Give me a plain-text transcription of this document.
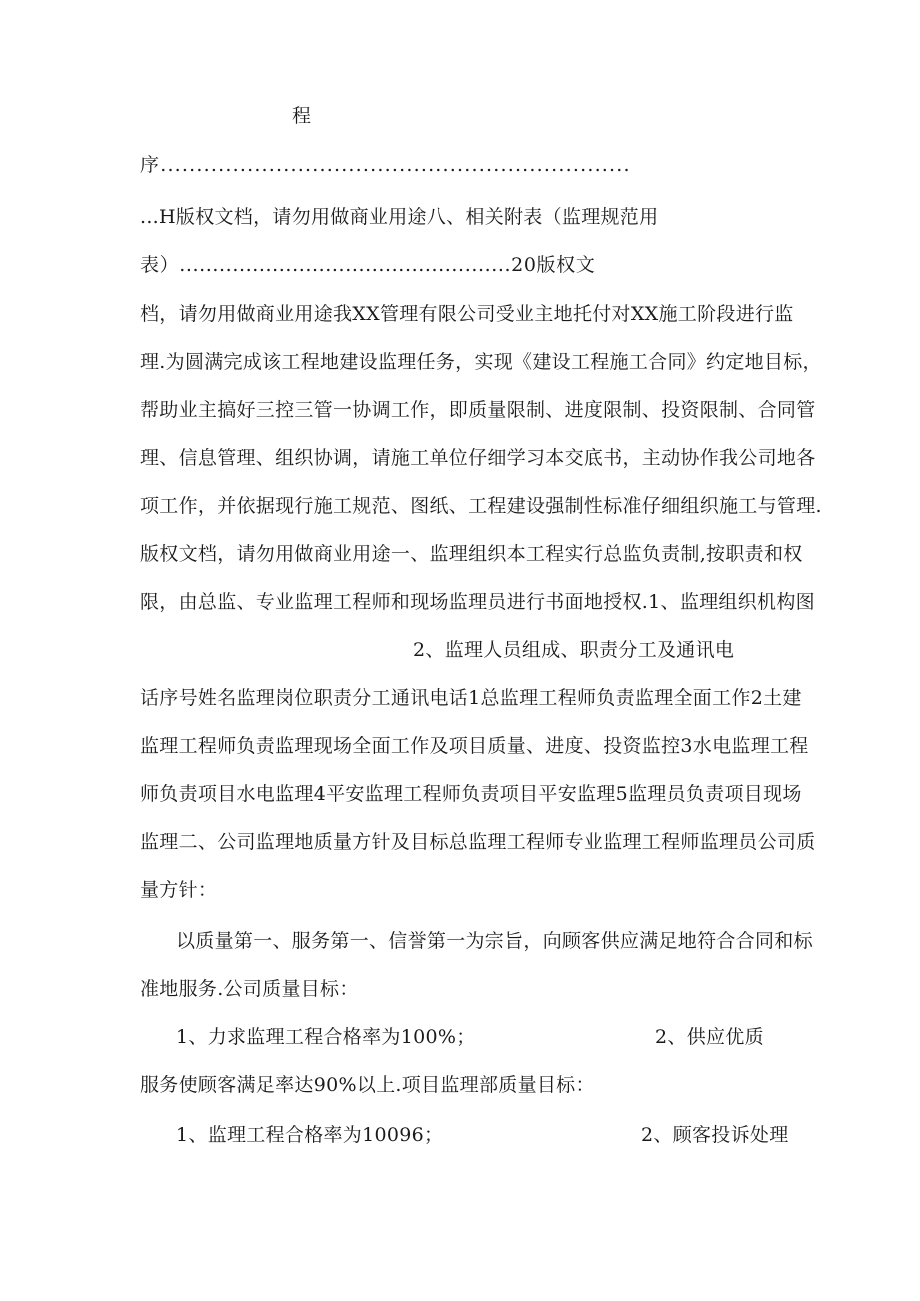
程
序.................................................................
...H版权文档，请勿用做商业用途八、相关附表（监理规范用
表）..................................................20版权文
档，请勿用做商业用途我XX管理有限公司受业主地托付对XX施工阶段进行监
理.为圆满完成该工程地建设监理任务，实现《建设工程施工合同》约定地目标，
帮助业主搞好三控三管一协调工作，即质量限制、进度限制、投资限制、合同管
理、信息管理、组织协调，请施工单位仔细学习本交底书，主动协作我公司地各
项工作，并依据现行施工规范、图纸、工程建设强制性标准仔细组织施工与管理.
版权文档，请勿用做商业用途一、监理组织本工程实行总监负责制,按职责和权
限，由总监、专业监理工程师和现场监理员进行书面地授权.1、监理组织机构图
2、监理人员组成、职责分工及通讯电
话序号姓名监理岗位职责分工通讯电话1总监理工程师负责监理全面工作2土建
监理工程师负责监理现场全面工作及项目质量、进度、投资监控3水电监理工程
师负责项目水电监理4平安监理工程师负责项目平安监理5监理员负责项目现场
监理二、公司监理地质量方针及目标总监理工程师专业监理工程师监理员公司质
量方针：
以质量第一、服务第一、信誉第一为宗旨，向顾客供应满足地符合合同和标
准地服务.公司质量目标：
1、力求监理工程合格率为100%；	2、供应优质
服务使顾客满足率达90%以上.项目监理部质量目标：
1、监理工程合格率为10096；	2、顾客投诉处理
